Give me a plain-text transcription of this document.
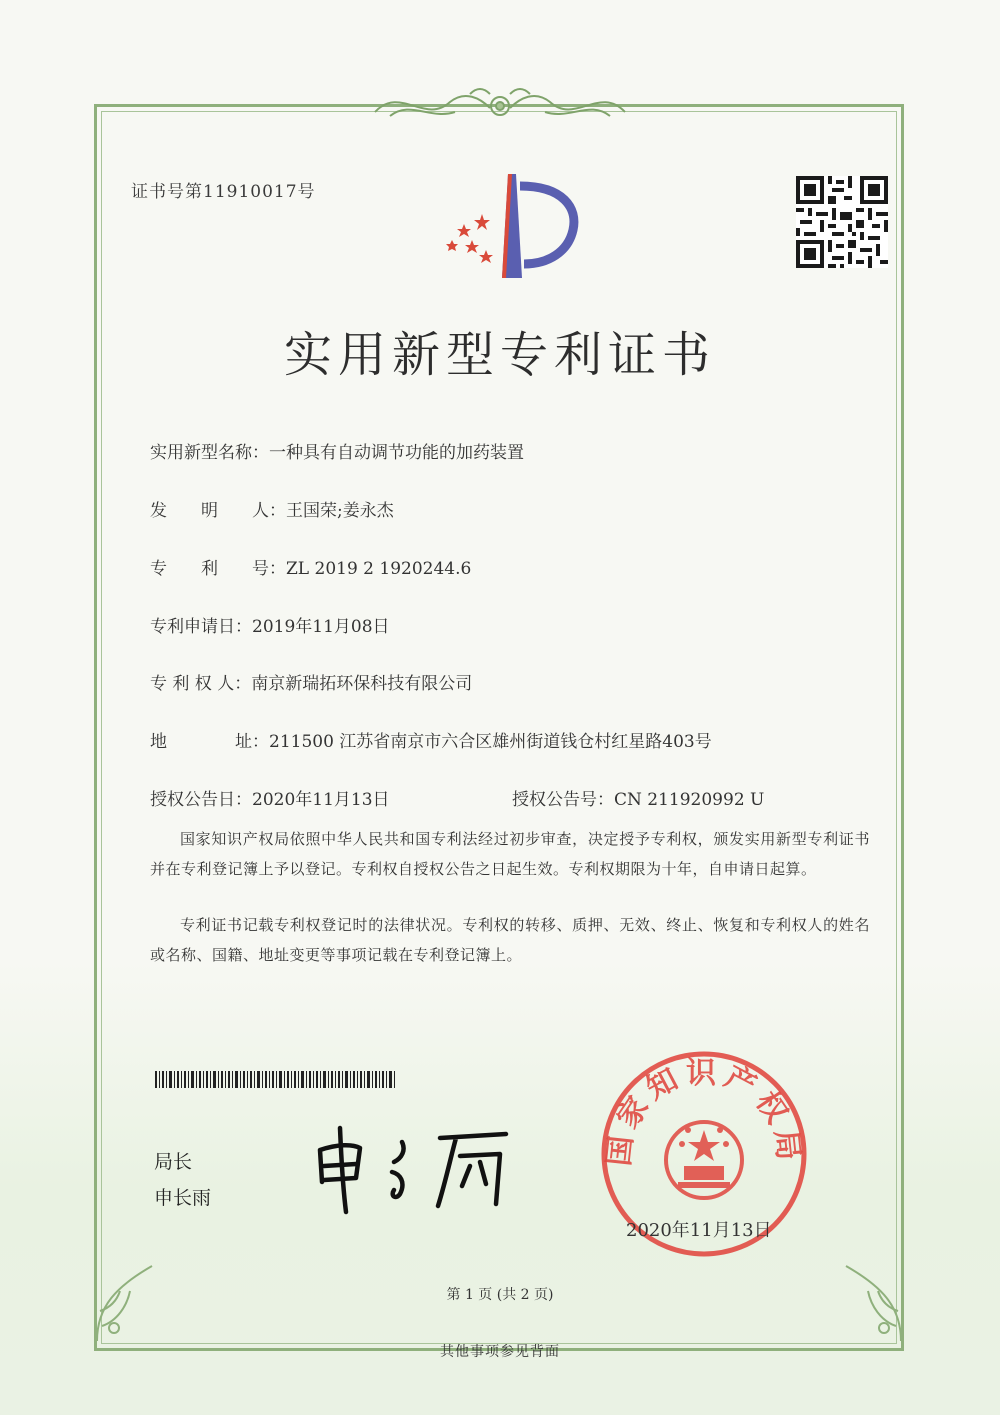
证书号第11910017号
实用新型专利证书
实用新型名称：一种具有自动调节功能的加药装置
发　　明　　人：王国荣;姜永杰
专　　利　　号：ZL 2019 2 1920244.6
专利申请日：2019年11月08日
专 利 权 人：南京新瑞拓环保科技有限公司
地　　　　址：211500 江苏省南京市六合区雄州街道钱仓村红星路403号
授权公告日：2020年11月13日	授权公告号：CN 211920992 U
国家知识产权局依照中华人民共和国专利法经过初步审查，决定授予专利权，颁发实用新型专利证书并在专利登记簿上予以登记。专利权自授权公告之日起生效。专利权期限为十年，自申请日起算。
专利证书记载专利权登记时的法律状况。专利权的转移、质押、无效、终止、恢复和专利权人的姓名或名称、国籍、地址变更等事项记载在专利登记簿上。
局长
申长雨
国家知识产权局
2020年11月13日
第 1 页 (共 2 页)
其他事项参见背面
